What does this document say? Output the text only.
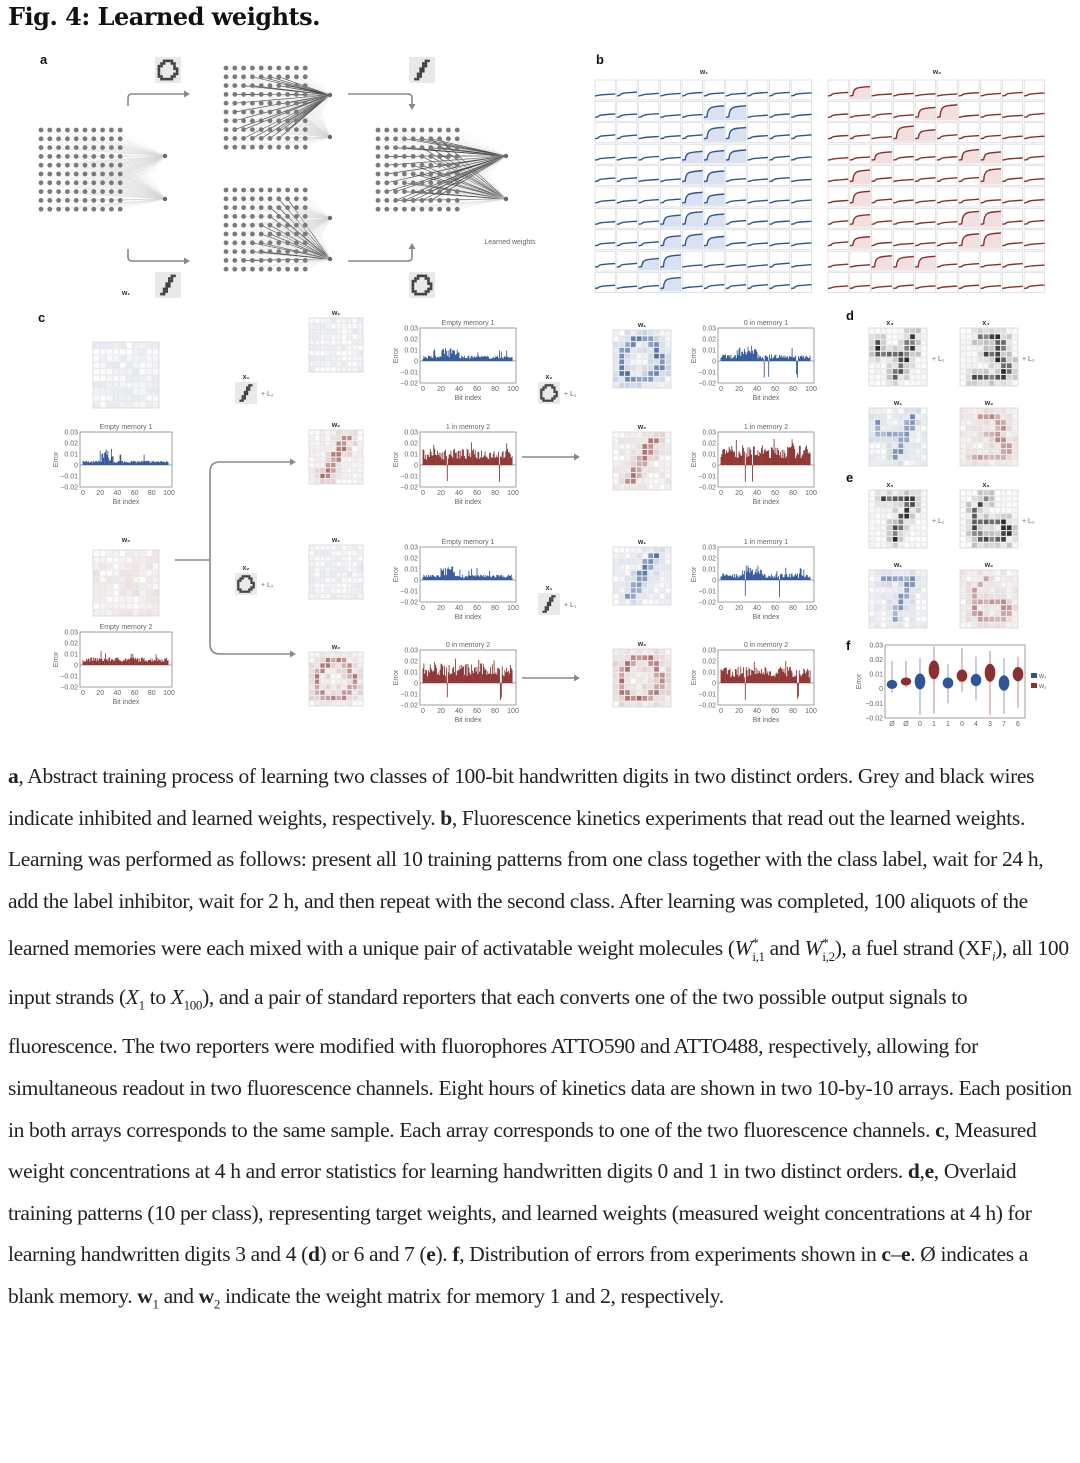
Fig. 4: Learned weights.
a	b
c	d
e
f
Learned weights
w₁	w₂
w₁
Empty memory 1
0.03
0.02
0.01
0
−0.01
−0.02
0 20 40 60 80 100
Bit index
Error
w₂
Empty memory 2
0.03
0.02
0.01
0
−0.01
−0.02
0 20 40 60 80 100
Bit index
Error
x₁
+ L₂
x₂
+ L₂
w₁
Empty memory 1
0.03
0.02
0.01
0
−0.01
−0.02
0 20 40 60 80 100
Bit index
Error
w₂	1 in memory 2
0.03
0.02
0.01
0
−0.01
−0.02
0 20 40 60 80 100
Bit index
Error
w₁	Empty memory 1
0.03
0.02
0.01
0
−0.01
−0.02
0 20 40 60 80 100
Bit index
Error
w₂	0 in memory 2
0.03
0.02
0.01
0
−0.01
−0.02
0 20 40 60 80 100
Bit index
Error
x₂
+ L₁
x₁
+ L₁
w₁	0 in memory 1
0.03
0.02
0.01
0
−0.01
−0.02
0 20 40 60 80 100
Bit index
Error
w₂	1 in memory 2
0.03
0.02
0.01
0
−0.01
−0.02
0 20 40 60 80 100
Bit index
Error
w₁	1 in memory 1
0.03
0.02
0.01
0
−0.01
−0.02
0 20 40 60 80 100
Bit index
Error
w₂	0 in memory 2
0.03
0.02
0.01
0
−0.01
−0.02
0 20 40 60 80 100
Bit index
Error
x₃
+ L₁
x₄
+ L₂
w₁	w₂
x₅
+ L₁
x₆
+ L₂
w₁	w₂
0.03
0.02
0.01
0
−0.01
−0.02
Error
Ø Ø 0 1 1 0 4 3 7 6
w₁
w₂
a, Abstract training process of learning two classes of 100-bit handwritten digits in two distinct orders. Grey and black wires indicate inhibited and learned weights, respectively. b, Fluorescence kinetics experiments that read out the learned weights. Learning was performed as follows: present all 10 training patterns from one class together with the class label, wait for 24 h, add the label inhibitor, wait for 2 h, and then repeat with the second class. After learning was completed, 100 aliquots of the learned memories were each mixed with a unique pair of activatable weight molecules ($W^*_{i,1}$ and $W^*_{i,2}$), a fuel strand $(XF_i)$, all 100 input strands ($X_1$ to $X_{100}$), and a pair of standard reporters that each converts one of the two possible output signals to fluorescence. The two reporters were modified with fluorophores ATTO590 and ATTO488, respectively, allowing for simultaneous readout in two fluorescence channels. Eight hours of kinetics data are shown in two 10-by-10 arrays. Each position in both arrays corresponds to the same sample. Each array corresponds to one of the two fluorescence channels. c, Measured weight concentrations at 4 h and error statistics for learning handwritten digits 0 and 1 in two distinct orders. d,e, Overlaid training patterns (10 per class), representing target weights, and learned weights (measured weight concentrations at 4 h) for learning handwritten digits 3 and 4 (d) or 6 and 7 (e). f, Distribution of errors from experiments shown in c–e. Ø indicates a blank memory. $w_1$ and $w_2$ indicate the weight matrix for memory 1 and 2, respectively.
